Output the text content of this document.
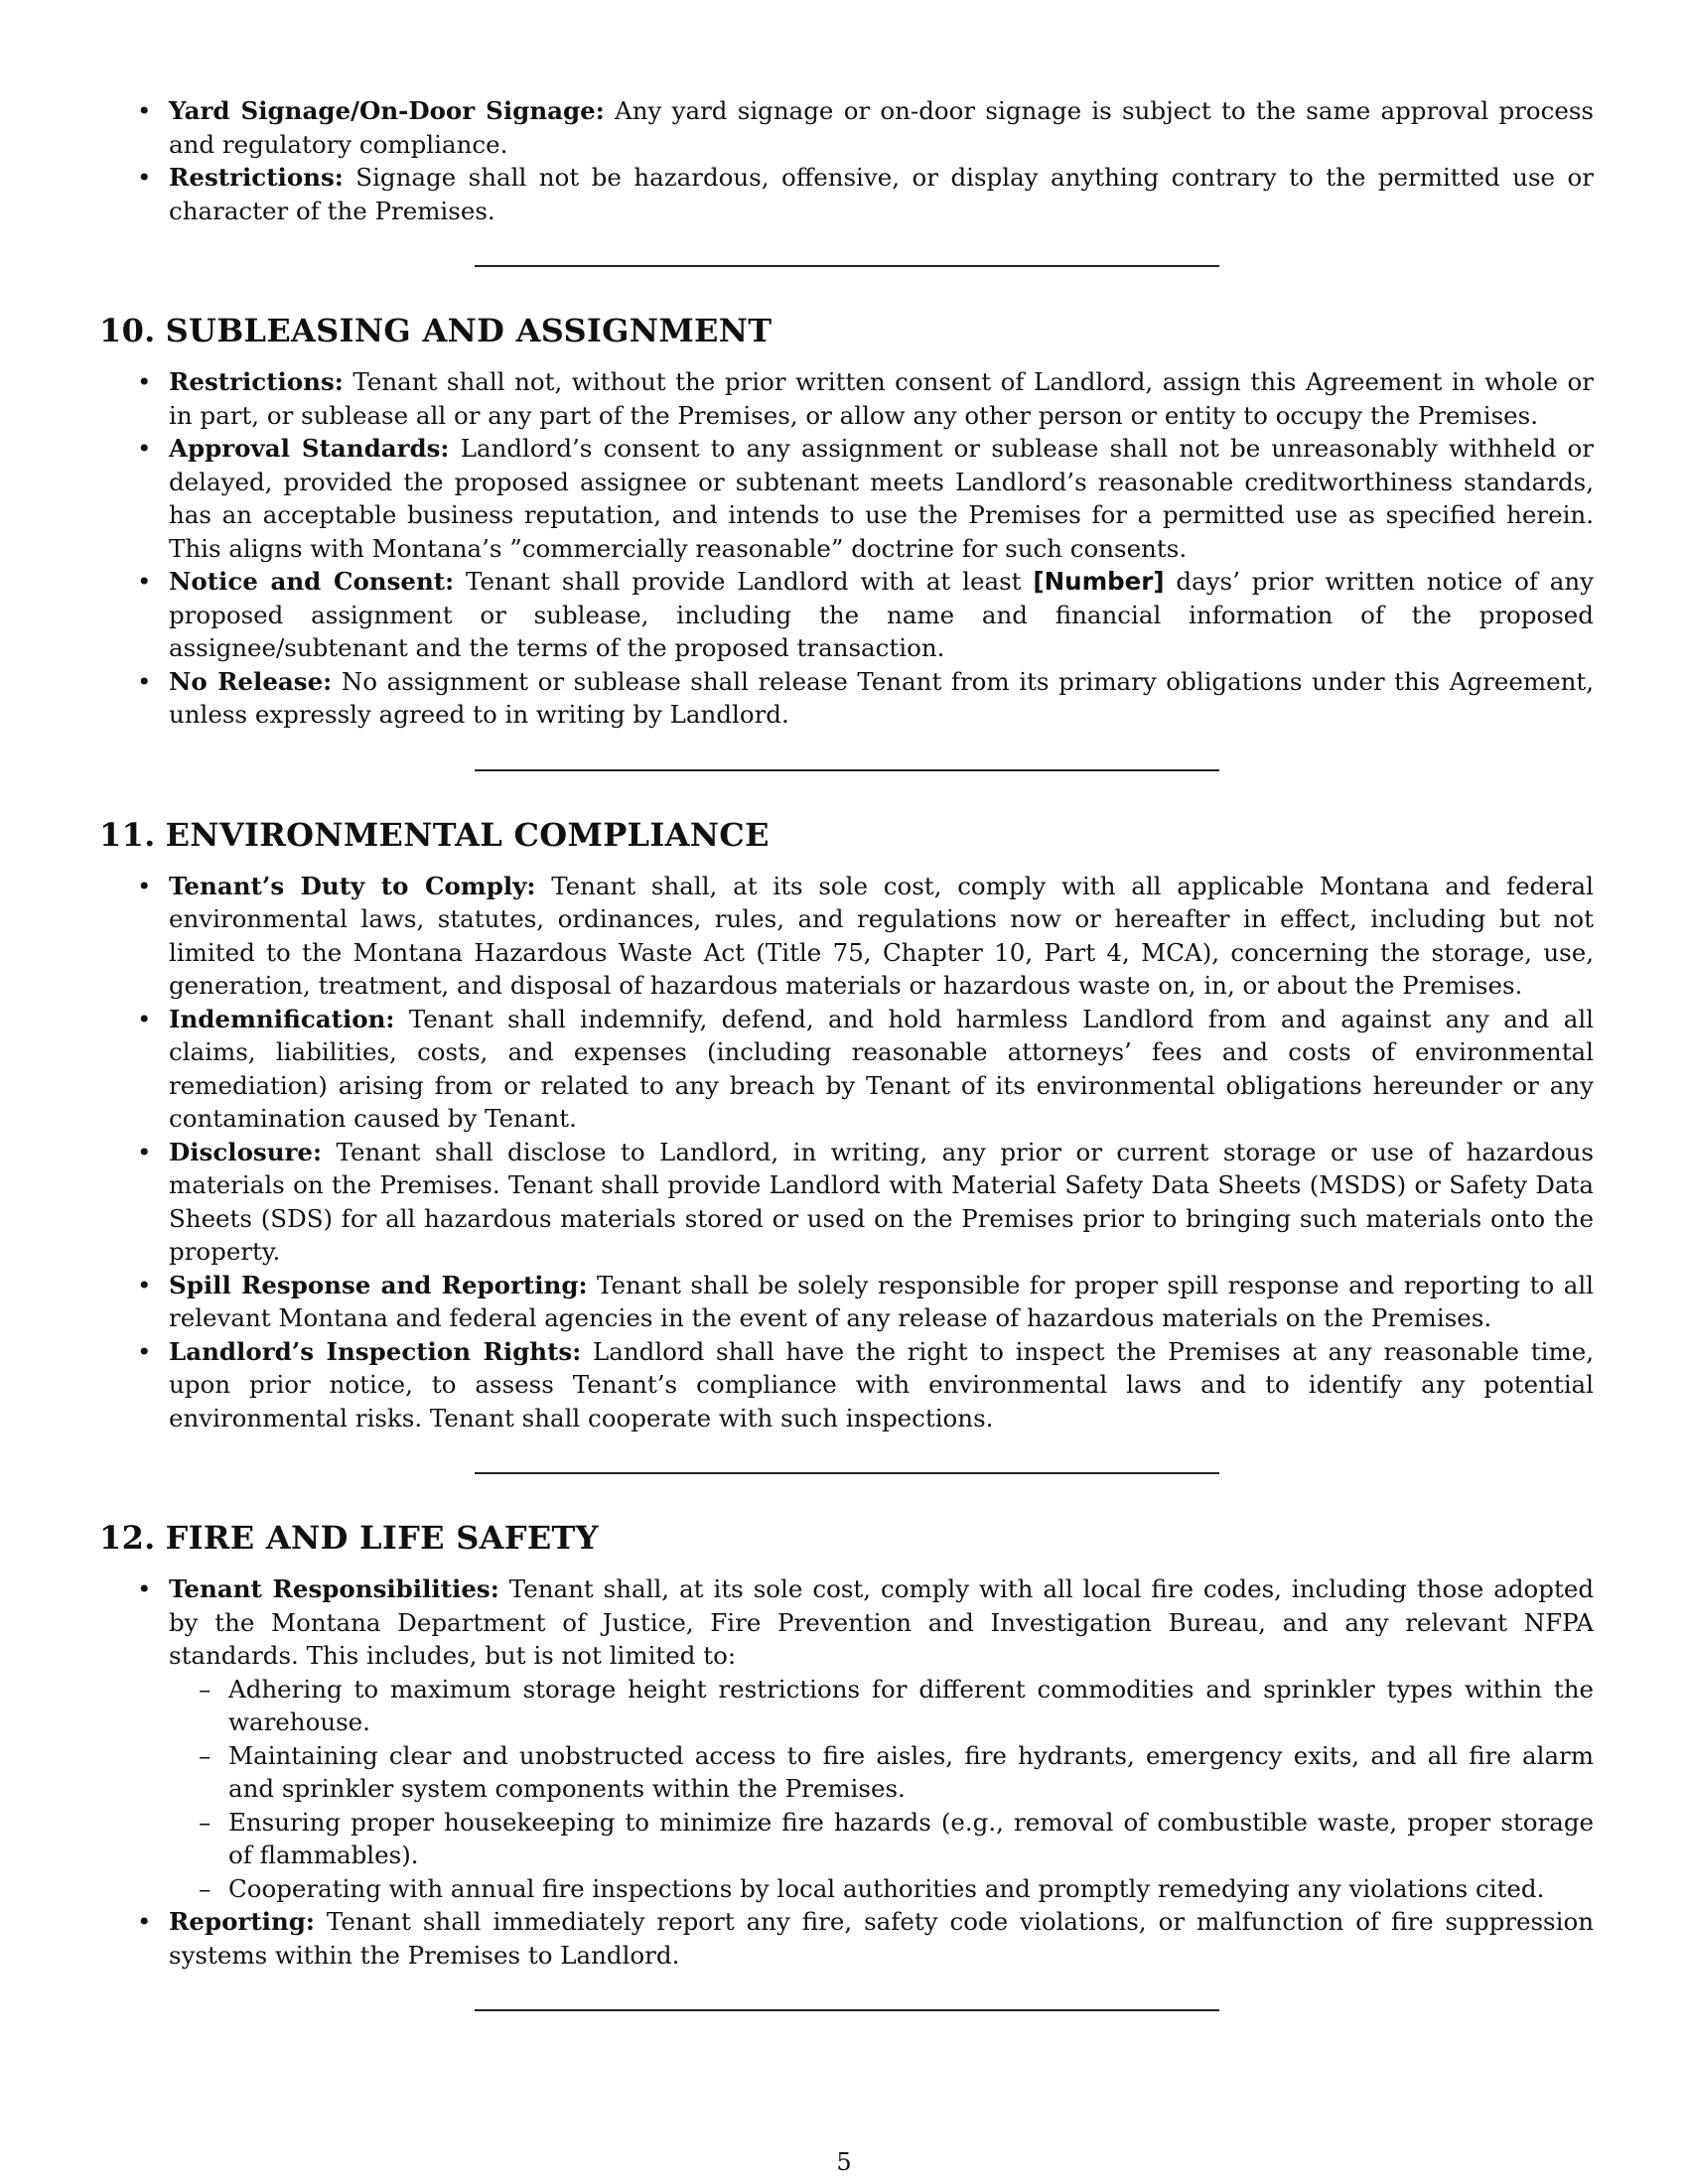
• Yard Signage/On-Door Signage: Any yard signage or on-door signage is subject to the same approval process and regulatory compliance.
• Restrictions: Signage shall not be hazardous, offensive, or display anything contrary to the permitted use or character of the Premises.
10. SUBLEASING AND ASSIGNMENT
• Restrictions: Tenant shall not, without the prior written consent of Landlord, assign this Agreement in whole or in part, or sublease all or any part of the Premises, or allow any other person or entity to occupy the Premises.
• Approval Standards: Landlord’s consent to any assignment or sublease shall not be unreasonably withheld or delayed, provided the proposed assignee or subtenant meets Landlord’s reasonable creditworthiness standards, has an acceptable business reputation, and intends to use the Premises for a permitted use as specified herein. This aligns with Montana’s ”commercially reasonable” doctrine for such consents.
• Notice and Consent: Tenant shall provide Landlord with at least [Number] days’ prior written notice of any proposed assignment or sublease, including the name and financial information of the proposed assignee/subtenant and the terms of the proposed transaction.
• No Release: No assignment or sublease shall release Tenant from its primary obligations under this Agreement, unless expressly agreed to in writing by Landlord.
11. ENVIRONMENTAL COMPLIANCE
• Tenant’s Duty to Comply: Tenant shall, at its sole cost, comply with all applicable Montana and federal environmental laws, statutes, ordinances, rules, and regulations now or hereafter in effect, including but not limited to the Montana Hazardous Waste Act (Title 75, Chapter 10, Part 4, MCA), concerning the storage, use, generation, treatment, and disposal of hazardous materials or hazardous waste on, in, or about the Premises.
• Indemnification: Tenant shall indemnify, defend, and hold harmless Landlord from and against any and all claims, liabilities, costs, and expenses (including reasonable attorneys’ fees and costs of environmental remediation) arising from or related to any breach by Tenant of its environmental obligations hereunder or any contamination caused by Tenant.
• Disclosure: Tenant shall disclose to Landlord, in writing, any prior or current storage or use of hazardous materials on the Premises. Tenant shall provide Landlord with Material Safety Data Sheets (MSDS) or Safety Data Sheets (SDS) for all hazardous materials stored or used on the Premises prior to bringing such materials onto the property.
• Spill Response and Reporting: Tenant shall be solely responsible for proper spill response and reporting to all relevant Montana and federal agencies in the event of any release of hazardous materials on the Premises.
• Landlord’s Inspection Rights: Landlord shall have the right to inspect the Premises at any reasonable time, upon prior notice, to assess Tenant’s compliance with environmental laws and to identify any potential environmental risks. Tenant shall cooperate with such inspections.
12. FIRE AND LIFE SAFETY
• Tenant Responsibilities: Tenant shall, at its sole cost, comply with all local fire codes, including those adopted by the Montana Department of Justice, Fire Prevention and Investigation Bureau, and any relevant NFPA standards. This includes, but is not limited to:
– Adhering to maximum storage height restrictions for different commodities and sprinkler types within the warehouse.
– Maintaining clear and unobstructed access to fire aisles, fire hydrants, emergency exits, and all fire alarm and sprinkler system components within the Premises.
– Ensuring proper housekeeping to minimize fire hazards (e.g., removal of combustible waste, proper storage of flammables).
– Cooperating with annual fire inspections by local authorities and promptly remedying any violations cited.
• Reporting: Tenant shall immediately report any fire, safety code violations, or malfunction of fire suppression systems within the Premises to Landlord.
5
